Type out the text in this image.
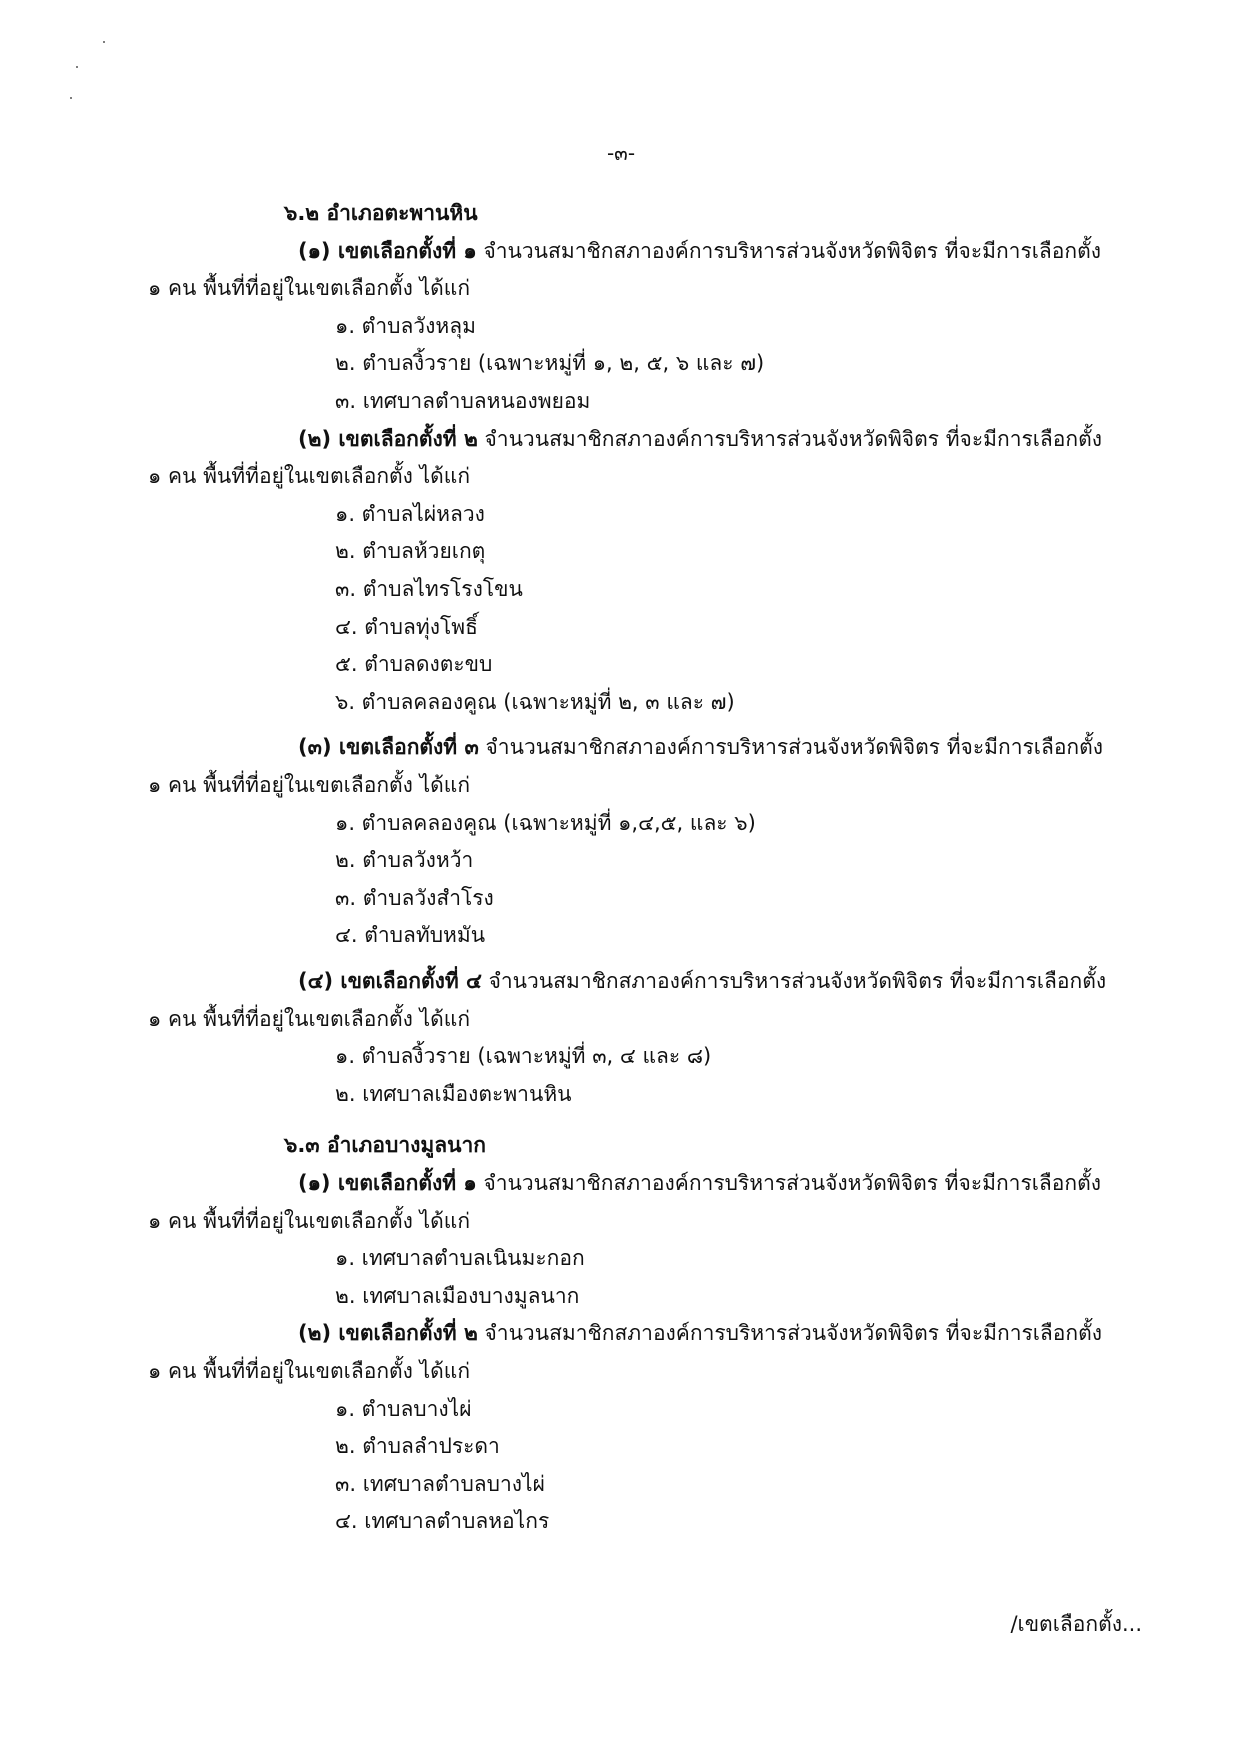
-๓-
๖.๒ อำเภอตะพานหิน
(๑) เขตเลือกตั้งที่ ๑ จำนวนสมาชิกสภาองค์การบริหารส่วนจังหวัดพิจิตร ที่จะมีการเลือกตั้ง
๑ คน พื้นที่ที่อยู่ในเขตเลือกตั้ง ได้แก่
๑. ตำบลวังหลุม
๒. ตำบลงิ้วราย (เฉพาะหมู่ที่ ๑, ๒, ๕, ๖ และ ๗)
๓. เทศบาลตำบลหนองพยอม
(๒) เขตเลือกตั้งที่ ๒ จำนวนสมาชิกสภาองค์การบริหารส่วนจังหวัดพิจิตร ที่จะมีการเลือกตั้ง
๑ คน พื้นที่ที่อยู่ในเขตเลือกตั้ง ได้แก่
๑. ตำบลไผ่หลวง
๒. ตำบลห้วยเกตุ
๓. ตำบลไทรโรงโขน
๔. ตำบลทุ่งโพธิ์
๕. ตำบลดงตะขบ
๖. ตำบลคลองคูณ (เฉพาะหมู่ที่ ๒, ๓ และ ๗)
(๓) เขตเลือกตั้งที่ ๓ จำนวนสมาชิกสภาองค์การบริหารส่วนจังหวัดพิจิตร ที่จะมีการเลือกตั้ง
๑ คน พื้นที่ที่อยู่ในเขตเลือกตั้ง ได้แก่
๑. ตำบลคลองคูณ (เฉพาะหมู่ที่ ๑,๔,๕, และ ๖)
๒. ตำบลวังหว้า
๓. ตำบลวังสำโรง
๔. ตำบลทับหมัน
(๔) เขตเลือกตั้งที่ ๔ จำนวนสมาชิกสภาองค์การบริหารส่วนจังหวัดพิจิตร ที่จะมีการเลือกตั้ง
๑ คน พื้นที่ที่อยู่ในเขตเลือกตั้ง ได้แก่
๑. ตำบลงิ้วราย (เฉพาะหมู่ที่ ๓, ๔ และ ๘)
๒. เทศบาลเมืองตะพานหิน
๖.๓ อำเภอบางมูลนาก
(๑) เขตเลือกตั้งที่ ๑ จำนวนสมาชิกสภาองค์การบริหารส่วนจังหวัดพิจิตร ที่จะมีการเลือกตั้ง
๑ คน พื้นที่ที่อยู่ในเขตเลือกตั้ง ได้แก่
๑. เทศบาลตำบลเนินมะกอก
๒. เทศบาลเมืองบางมูลนาก
(๒) เขตเลือกตั้งที่ ๒ จำนวนสมาชิกสภาองค์การบริหารส่วนจังหวัดพิจิตร ที่จะมีการเลือกตั้ง
๑ คน พื้นที่ที่อยู่ในเขตเลือกตั้ง ได้แก่
๑. ตำบลบางไผ่
๒. ตำบลลำประดา
๓. เทศบาลตำบลบางไผ่
๔. เทศบาลตำบลหอไกร
/เขตเลือกตั้ง...
